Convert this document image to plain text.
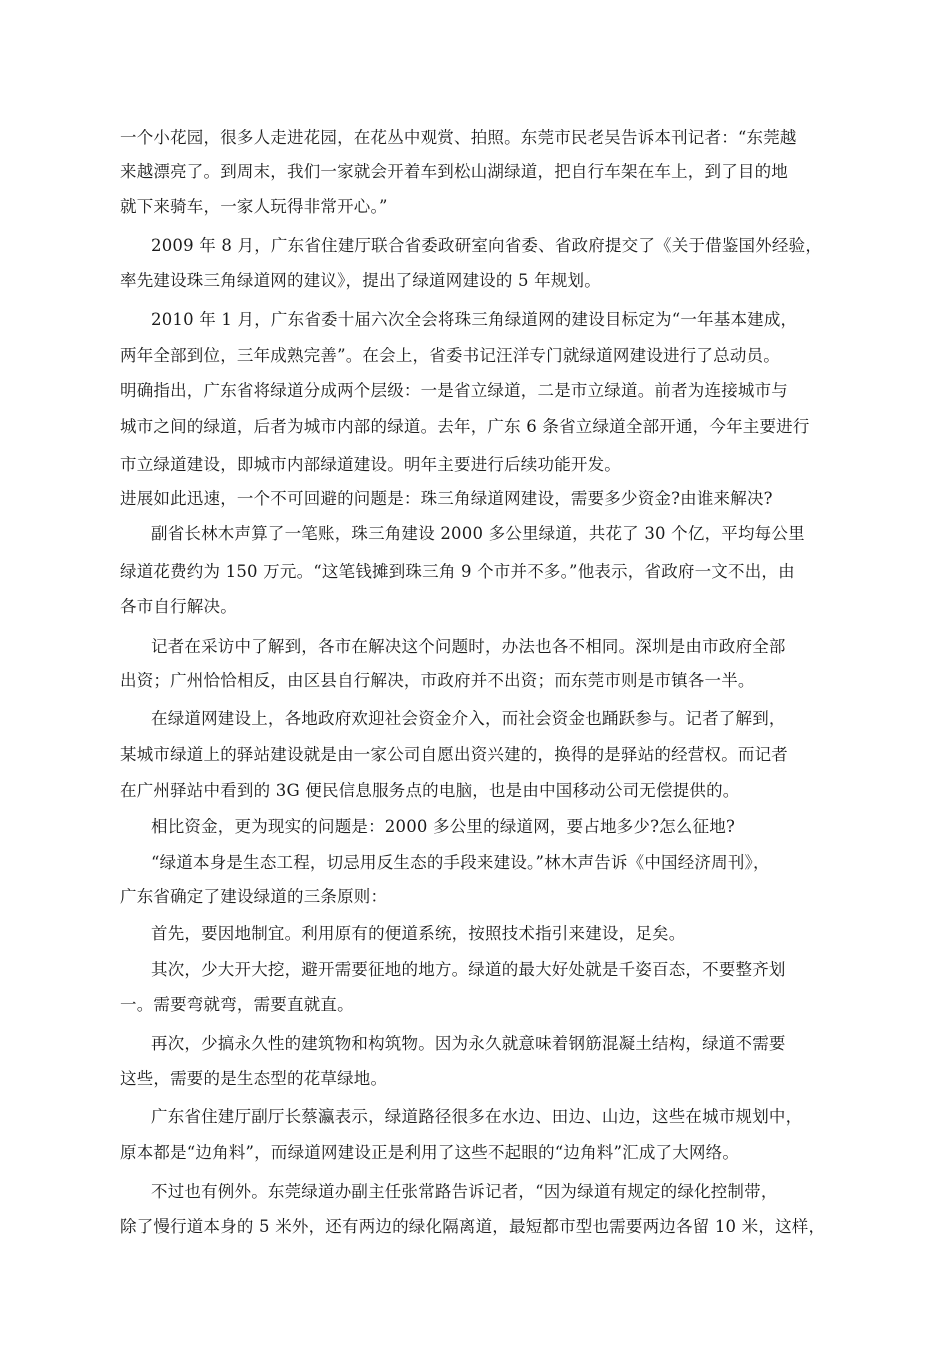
一个小花园，很多人走进花园，在花丛中观赏、拍照。东莞市民老吴告诉本刊记者：“东莞越
来越漂亮了。到周末，我们一家就会开着车到松山湖绿道，把自行车架在车上，到了目的地
就下来骑车，一家人玩得非常开心。”
2009 年 8 月，广东省住建厅联合省委政研室向省委、省政府提交了《关于借鉴国外经验，
率先建设珠三角绿道网的建议》，提出了绿道网建设的 5 年规划。
2010 年 1 月，广东省委十届六次全会将珠三角绿道网的建设目标定为“一年基本建成，
两年全部到位，三年成熟完善”。在会上，省委书记汪洋专门就绿道网建设进行了总动员。
明确指出，广东省将绿道分成两个层级：一是省立绿道，二是市立绿道。前者为连接城市与
城市之间的绿道，后者为城市内部的绿道。去年，广东 6 条省立绿道全部开通，今年主要进行
市立绿道建设，即城市内部绿道建设。明年主要进行后续功能开发。
进展如此迅速，一个不可回避的问题是：珠三角绿道网建设，需要多少资金?由谁来解决?
副省长林木声算了一笔账，珠三角建设 2000 多公里绿道，共花了 30 个亿，平均每公里
绿道花费约为 150 万元。“这笔钱摊到珠三角 9 个市并不多。”他表示，省政府一文不出，由
各市自行解决。
记者在采访中了解到，各市在解决这个问题时，办法也各不相同。深圳是由市政府全部
出资；广州恰恰相反，由区县自行解决，市政府并不出资；而东莞市则是市镇各一半。
在绿道网建设上，各地政府欢迎社会资金介入，而社会资金也踊跃参与。记者了解到，
某城市绿道上的驿站建设就是由一家公司自愿出资兴建的，换得的是驿站的经营权。而记者
在广州驿站中看到的 3G 便民信息服务点的电脑，也是由中国移动公司无偿提供的。
相比资金，更为现实的问题是：2000 多公里的绿道网，要占地多少?怎么征地?
“绿道本身是生态工程，切忌用反生态的手段来建设。”林木声告诉《中国经济周刊》，
广东省确定了建设绿道的三条原则：
首先，要因地制宜。利用原有的便道系统，按照技术指引来建设，足矣。
其次，少大开大挖，避开需要征地的地方。绿道的最大好处就是千姿百态，不要整齐划
一。需要弯就弯，需要直就直。
再次，少搞永久性的建筑物和构筑物。因为永久就意味着钢筋混凝土结构，绿道不需要
这些，需要的是生态型的花草绿地。
广东省住建厅副厅长蔡瀛表示，绿道路径很多在水边、田边、山边，这些在城市规划中，
原本都是“边角料”，而绿道网建设正是利用了这些不起眼的“边角料”汇成了大网络。
不过也有例外。东莞绿道办副主任张常路告诉记者，“因为绿道有规定的绿化控制带，
除了慢行道本身的 5 米外，还有两边的绿化隔离道，最短都市型也需要两边各留 10 米，这样，
